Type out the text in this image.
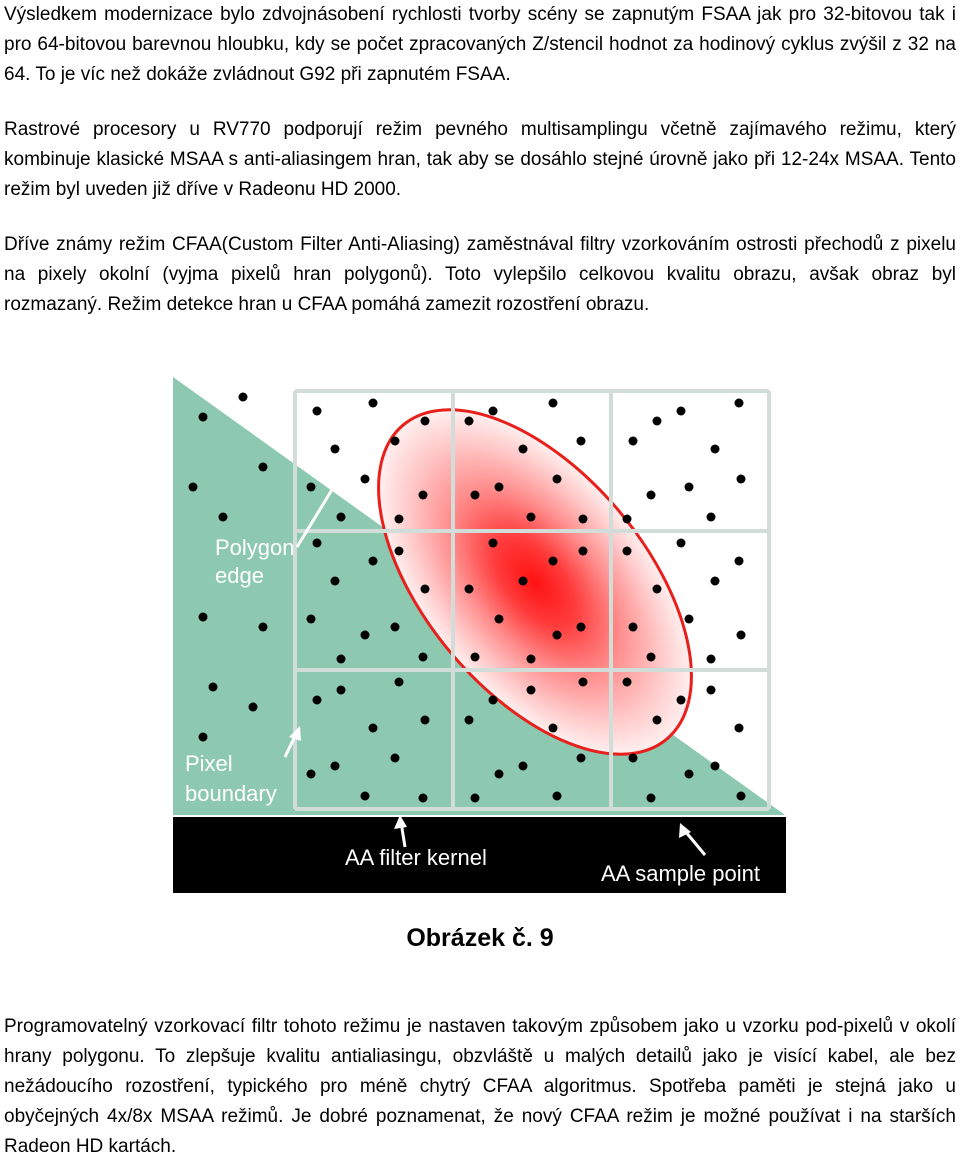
Výsledkem modernizace bylo zdvojnásobení rychlosti tvorby scény se zapnutým FSAA jak pro 32-bitovou tak i pro 64-bitovou barevnou hloubku, kdy se počet zpracovaných Z/stencil hodnot za hodinový cyklus zvýšil z 32 na 64. To je víc než dokáže zvládnout G92 při zapnutém FSAA.

Rastrové procesory u RV770 podporují režim pevného multisamplingu včetně zajímavého režimu, který kombinuje klasické MSAA s anti-aliasingem hran, tak aby se dosáhlo stejné úrovně jako při 12-24x MSAA. Tento režim byl uveden již dříve v Radeonu HD 2000.

Dříve známy režim CFAA(Custom Filter Anti-Aliasing) zaměstnával filtry vzorkováním ostrosti přechodů z pixelu na pixely okolní (vyjma pixelů hran polygonů). Toto vylepšilo celkovou kvalitu obrazu, avšak obraz byl rozmazaný. Režim detekce hran u CFAA pomáhá zamezit rozostření obrazu.

Polygon
edge
Pixel
boundary
AA filter kernel
AA sample point
Obrázek č. 9

Programovatelný vzorkovací filtr tohoto režimu je nastaven takovým způsobem jako u vzorku pod-pixelů v okolí hrany polygonu. To zlepšuje kvalitu antialiasingu, obzvláště u malých detailů jako je visící kabel, ale bez nežádoucího rozostření, typického pro méně chytrý CFAA algoritmus. Spotřeba paměti je stejná jako u obyčejných 4x/8x MSAA režimů. Je dobré poznamenat, že nový CFAA režim je možné používat i na starších Radeon HD kartách.
